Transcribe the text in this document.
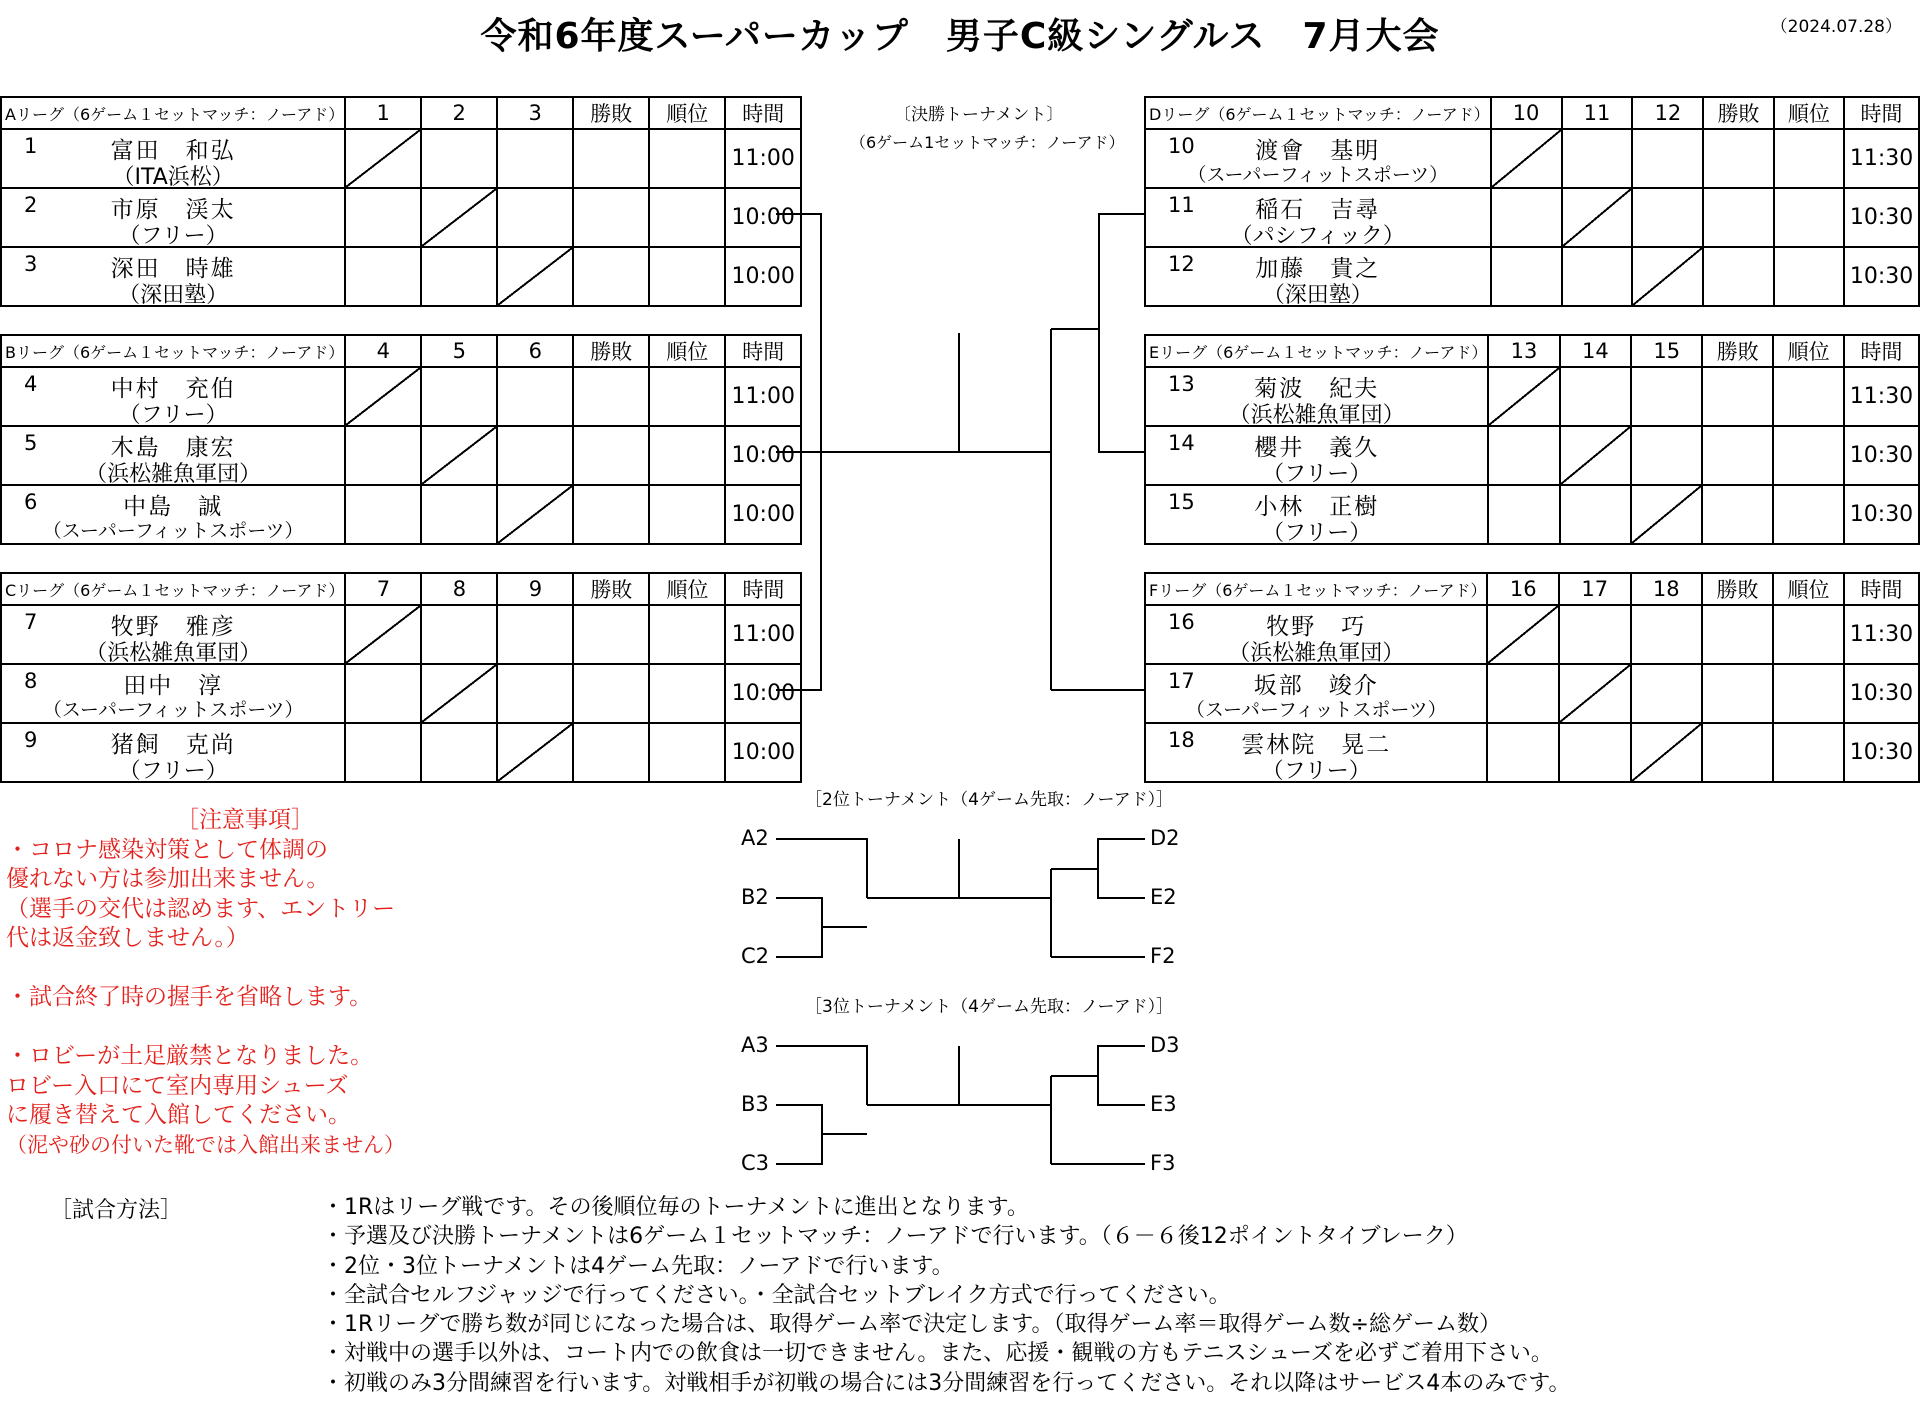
令和6年度スーパーカップ　男子C級シングルス　7月大会	（2024.07.28）
Aリーグ（6ゲーム１セットマッチ：ノーアド）	1	2	3	勝敗	順位	時間

1 富田　和弘
（ITA浜松）						11:00

2 市原　渓太
（フリー）						10:00

3 深田　時雄
（深田塾）						10:00
Bリーグ（6ゲーム１セットマッチ：ノーアド）	4	5	6	勝敗	順位	時間

4 中村　充伯
（フリー）						11:00

5 木島　康宏
（浜松雑魚軍団）						10:00

6 中島　誠
（スーパーフィットスポーツ）						10:00
Cリーグ（6ゲーム１セットマッチ：ノーアド）	7	8	9	勝敗	順位	時間

7 牧野　雅彦
（浜松雑魚軍団）						11:00

8 田中　淳
（スーパーフィットスポーツ）						10:00

9 猪飼　克尚
（フリー）						10:00
Dリーグ（6ゲーム１セットマッチ：ノーアド）	10	11	12	勝敗	順位	時間

10 渡會　基明
（スーパーフィットスポーツ）						11:30

11 稲石　吉尋
（パシフィック）						10:30

12 加藤　貴之
（深田塾）						10:30
Eリーグ（6ゲーム１セットマッチ：ノーアド）	13	14	15	勝敗	順位	時間

13 菊波　紀夫
（浜松雑魚軍団）						11:30

14 櫻井　義久
（フリー）						10:30

15 小林　正樹
（フリー）						10:30
Fリーグ（6ゲーム１セットマッチ：ノーアド）	16	17	18	勝敗	順位	時間

16 牧野　巧
（浜松雑魚軍団）						11:30

17 坂部　竣介
（スーパーフィットスポーツ）						10:30

18 雲林院　晃二
（フリー）						10:30
〔決勝トーナメント〕
（6ゲーム1セットマッチ：ノーアド）
［2位トーナメント（4ゲーム先取：ノーアド）］
［3位トーナメント（4ゲーム先取：ノーアド）］
A2
B2
C2
D2
E2
F2
A3
B3
C3
D3
E3
F3
［注意事項］
・コロナ感染対策として体調の
優れない方は参加出来ません。
（選手の交代は認めます、エントリー
代は返金致しません。）

・試合終了時の握手を省略します。

・ロビーが土足厳禁となりました。
ロビー入口にて室内専用シューズ
に履き替えて入館してください。
（泥や砂の付いた靴では入館出来ません）
［試合方法］	・1Rはリーグ戦です。その後順位毎のトーナメントに進出となります。
・予選及び決勝トーナメントは6ゲーム１セットマッチ：ノーアドで行います。（６－６後12ポイントタイブレーク）
・2位・3位トーナメントは4ゲーム先取：ノーアドで行います。
・全試合セルフジャッジで行ってください。・全試合セットブレイク方式で行ってください。
・1Rリーグで勝ち数が同じになった場合は、取得ゲーム率で決定します。（取得ゲーム率＝取得ゲーム数÷総ゲーム数）
・対戦中の選手以外は、コート内での飲食は一切できません。また、応援・観戦の方もテニスシューズを必ずご着用下さい。
・初戦のみ3分間練習を行います。対戦相手が初戦の場合には3分間練習を行ってください。それ以降はサービス4本のみです。
